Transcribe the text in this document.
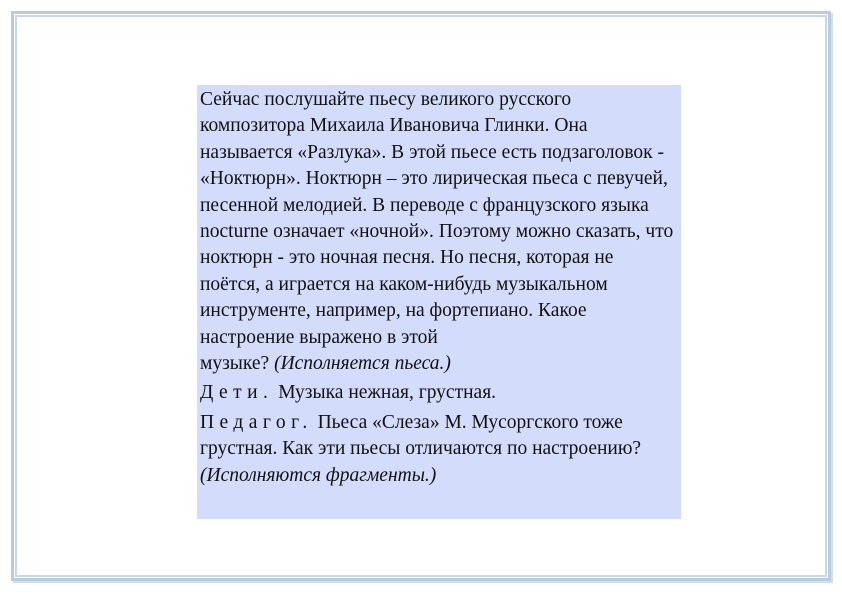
Сейчас послушайте пьесу великого русского композитора Михаила Ивановича Глинки. Она называется «Разлука». В этой пьесе есть подзаголовок - «Ноктюрн». Ноктюрн – это лирическая пьеса с певучей, песенной мелодией. В переводе с французского языка nocturne означает «ночной». Поэтому можно сказать, что ноктюрн - это ночная песня. Но песня, которая не поётся, а играется на каком-нибудь музыкальном инструменте, например, на фортепиано. Какое настроение выражено в этой
музыке? (Исполняется пьеса.)

Дети. Музыка нежная, грустная.

Педагог. Пьеса «Слеза» М. Мусоргского тоже грустная. Как эти пьесы отличаются по настроению? (Исполняются фрагменты.)
